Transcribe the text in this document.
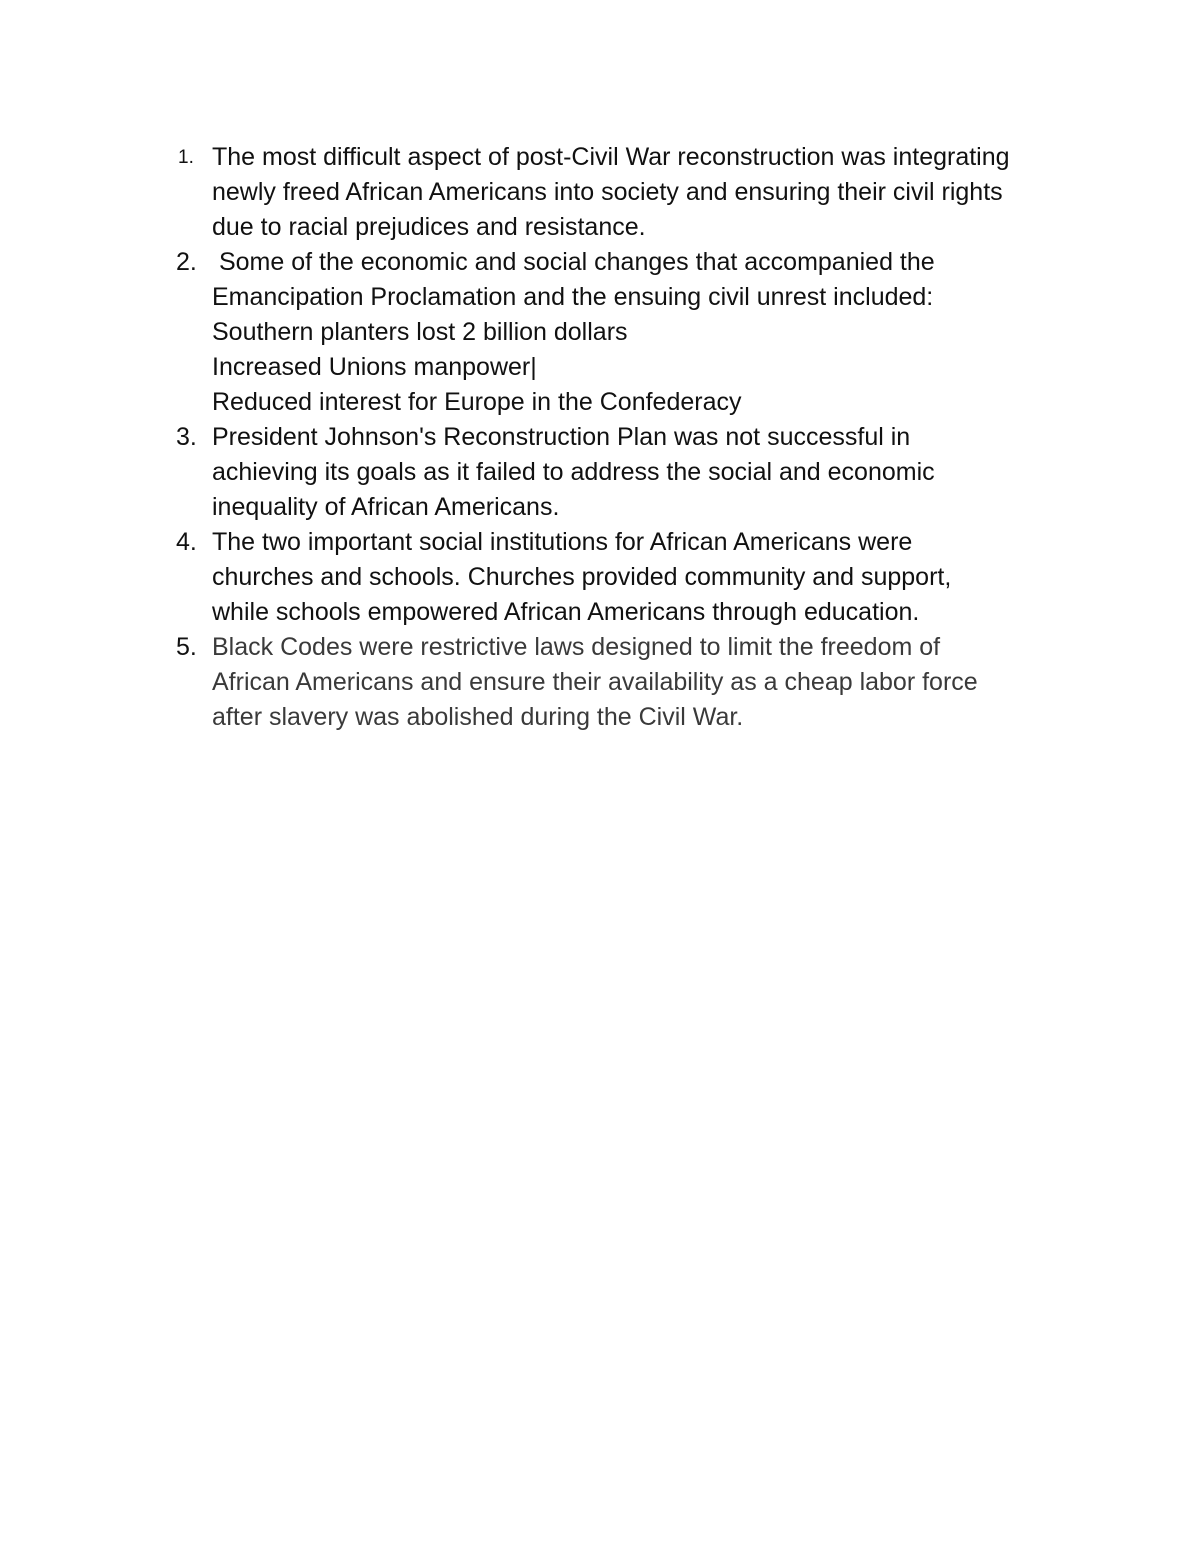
1. The most difficult aspect of post-Civil War reconstruction was integrating
newly freed African Americans into society and ensuring their civil rights
due to racial prejudices and resistance.
2. Some of the economic and social changes that accompanied the
Emancipation Proclamation and the ensuing civil unrest included:
Southern planters lost 2 billion dollars
Increased Unions manpower|
Reduced interest for Europe in the Confederacy
3. President Johnson's Reconstruction Plan was not successful in
achieving its goals as it failed to address the social and economic
inequality of African Americans.
4. The two important social institutions for African Americans were
churches and schools. Churches provided community and support,
while schools empowered African Americans through education.
5. Black Codes were restrictive laws designed to limit the freedom of
African Americans and ensure their availability as a cheap labor force
after slavery was abolished during the Civil War.
